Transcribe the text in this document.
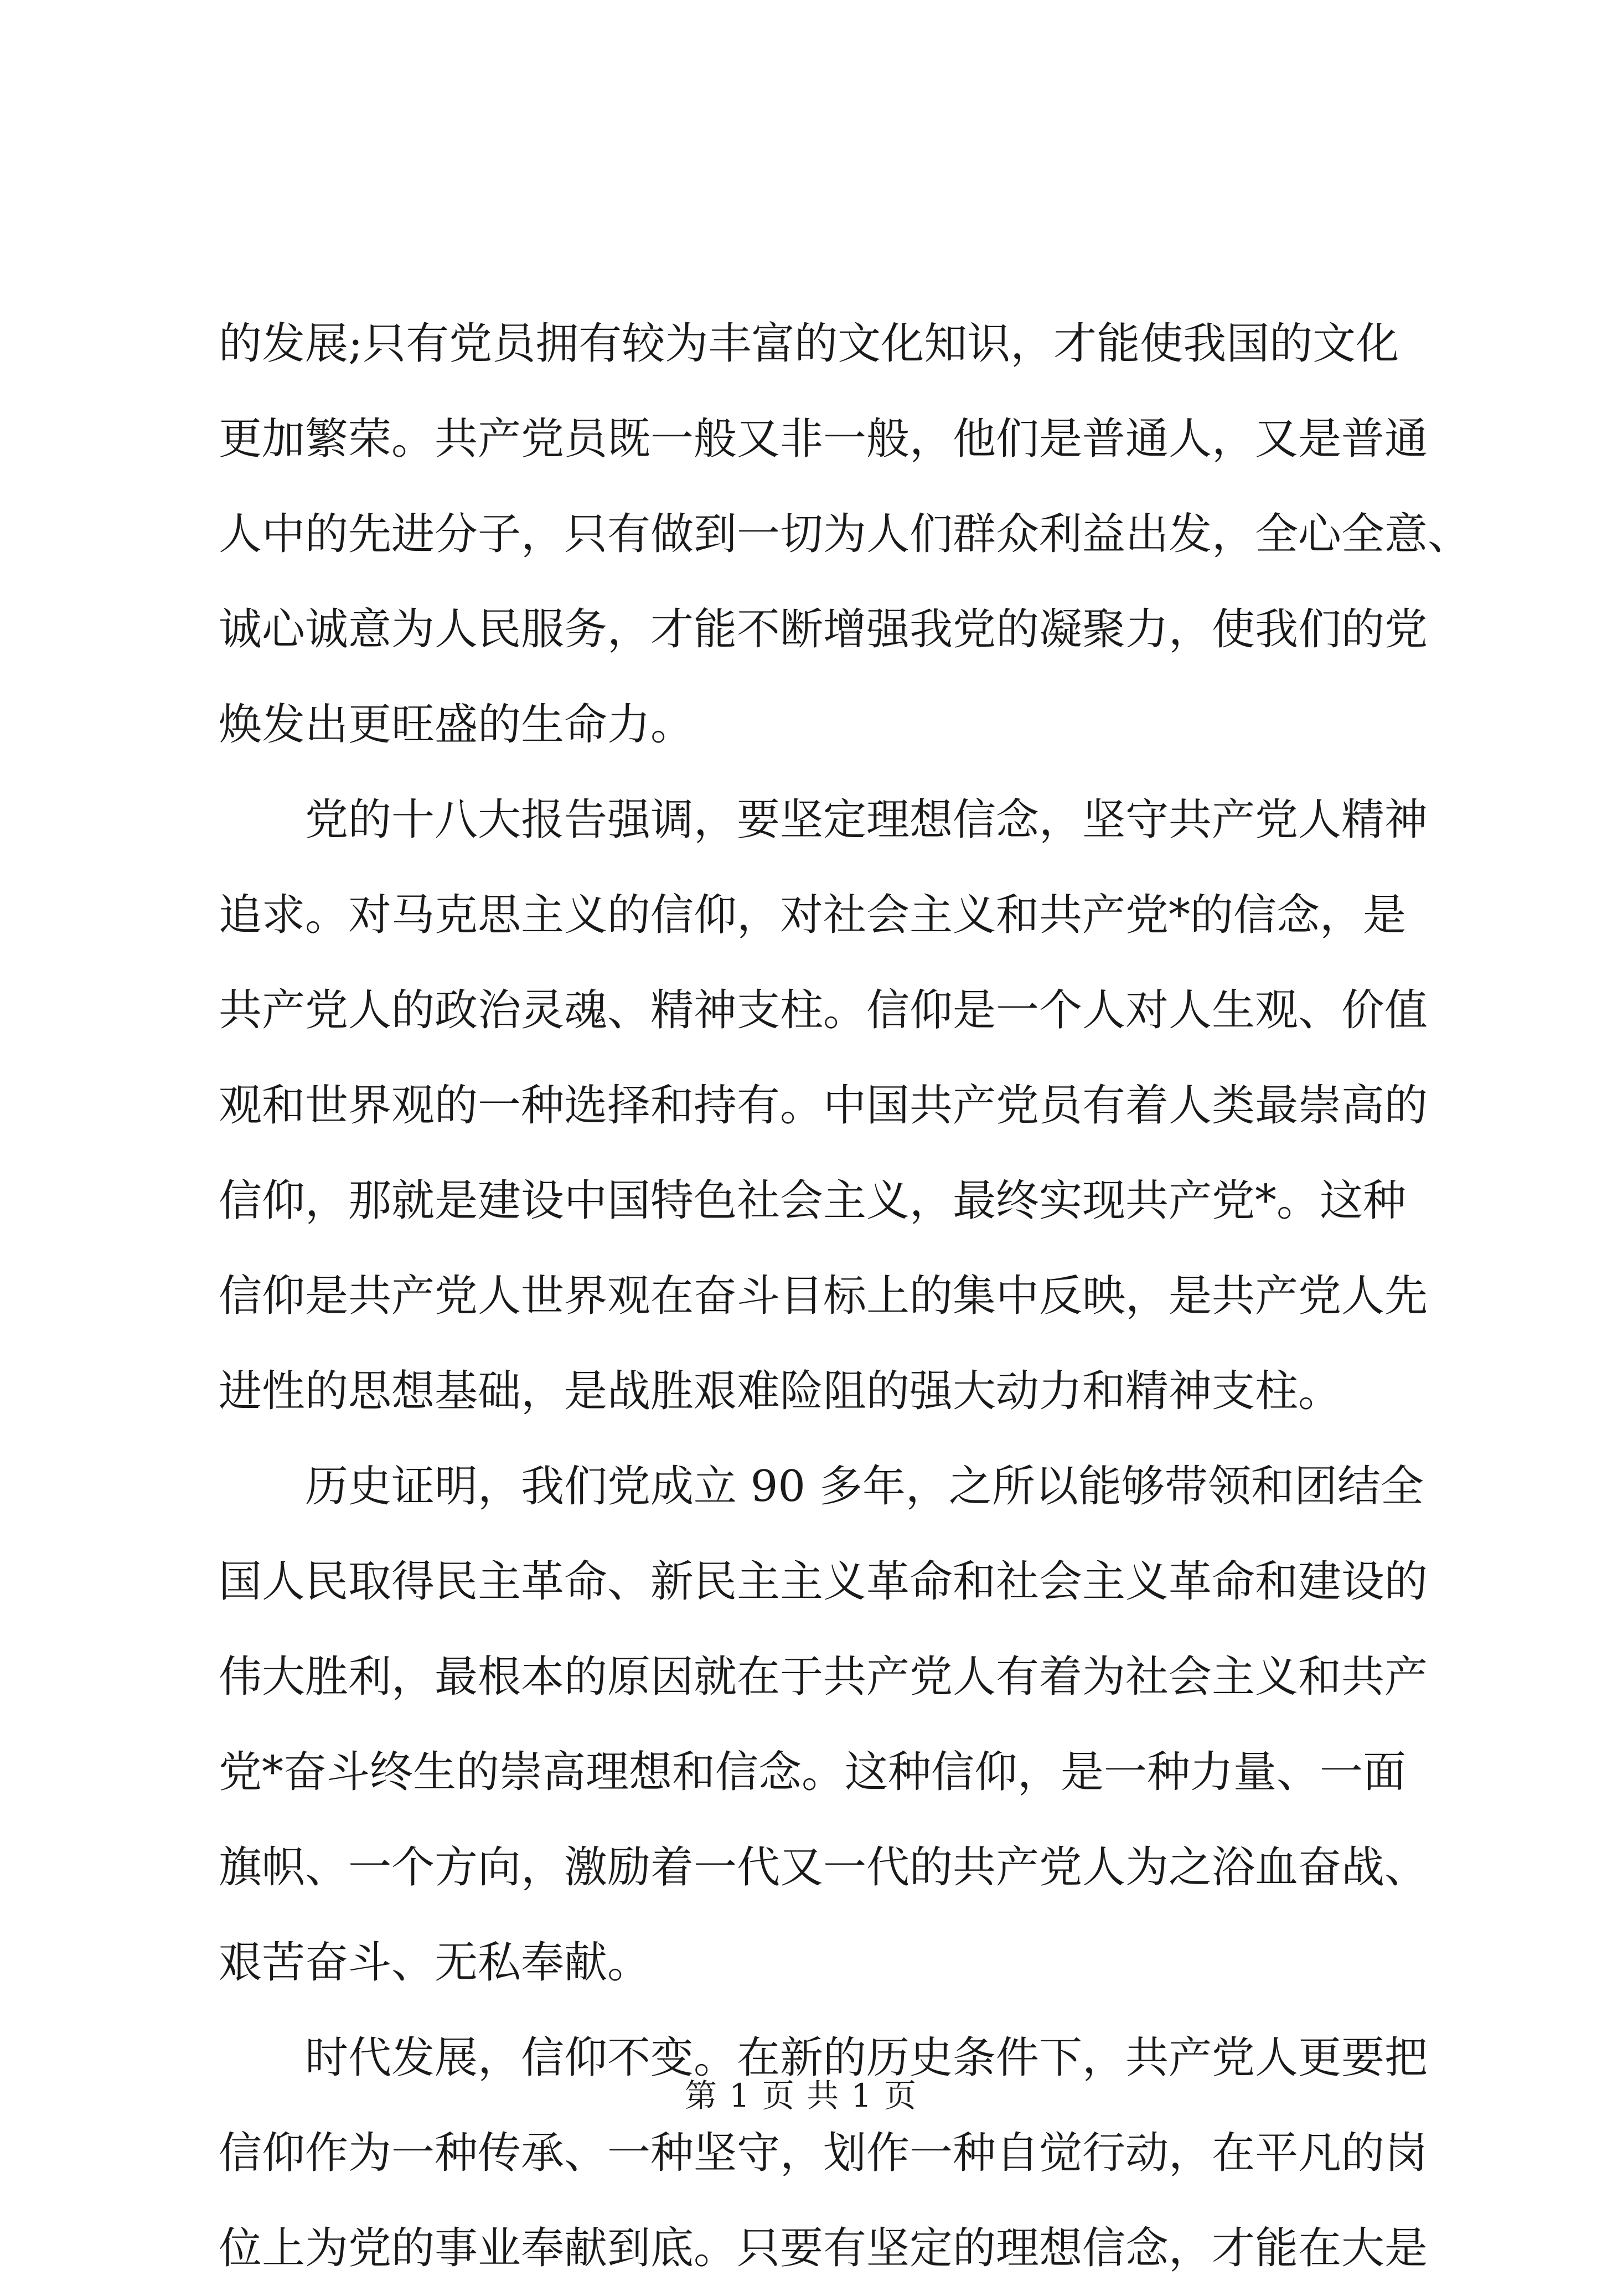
的发展;只有党员拥有较为丰富的文化知识，才能使我国的文化
更加繁荣。共产党员既一般又非一般，他们是普通人，又是普通
人中的先进分子，只有做到一切为人们群众利益出发，全心全意、
诚心诚意为人民服务，才能不断增强我党的凝聚力，使我们的党
焕发出更旺盛的生命力。
党的十八大报告强调，要坚定理想信念，坚守共产党人精神
追求。对马克思主义的信仰，对社会主义和共产党*的信念，是
共产党人的政治灵魂、精神支柱。信仰是一个人对人生观、价值
观和世界观的一种选择和持有。中国共产党员有着人类最崇高的
信仰，那就是建设中国特色社会主义，最终实现共产党*。这种
信仰是共产党人世界观在奋斗目标上的集中反映，是共产党人先
进性的思想基础，是战胜艰难险阻的强大动力和精神支柱。
历史证明，我们党成立 90 多年，之所以能够带领和团结全
国人民取得民主革命、新民主主义革命和社会主义革命和建设的
伟大胜利，最根本的原因就在于共产党人有着为社会主义和共产
党*奋斗终生的崇高理想和信念。这种信仰，是一种力量、一面
旗帜、一个方向，激励着一代又一代的共产党人为之浴血奋战、
艰苦奋斗、无私奉献。
时代发展，信仰不变。在新的历史条件下，共产党人更要把
信仰作为一种传承、一种坚守，划作一种自觉行动，在平凡的岗
位上为党的事业奉献到底。只要有坚定的理想信念，才能在大是
第 1 页 共 1 页
